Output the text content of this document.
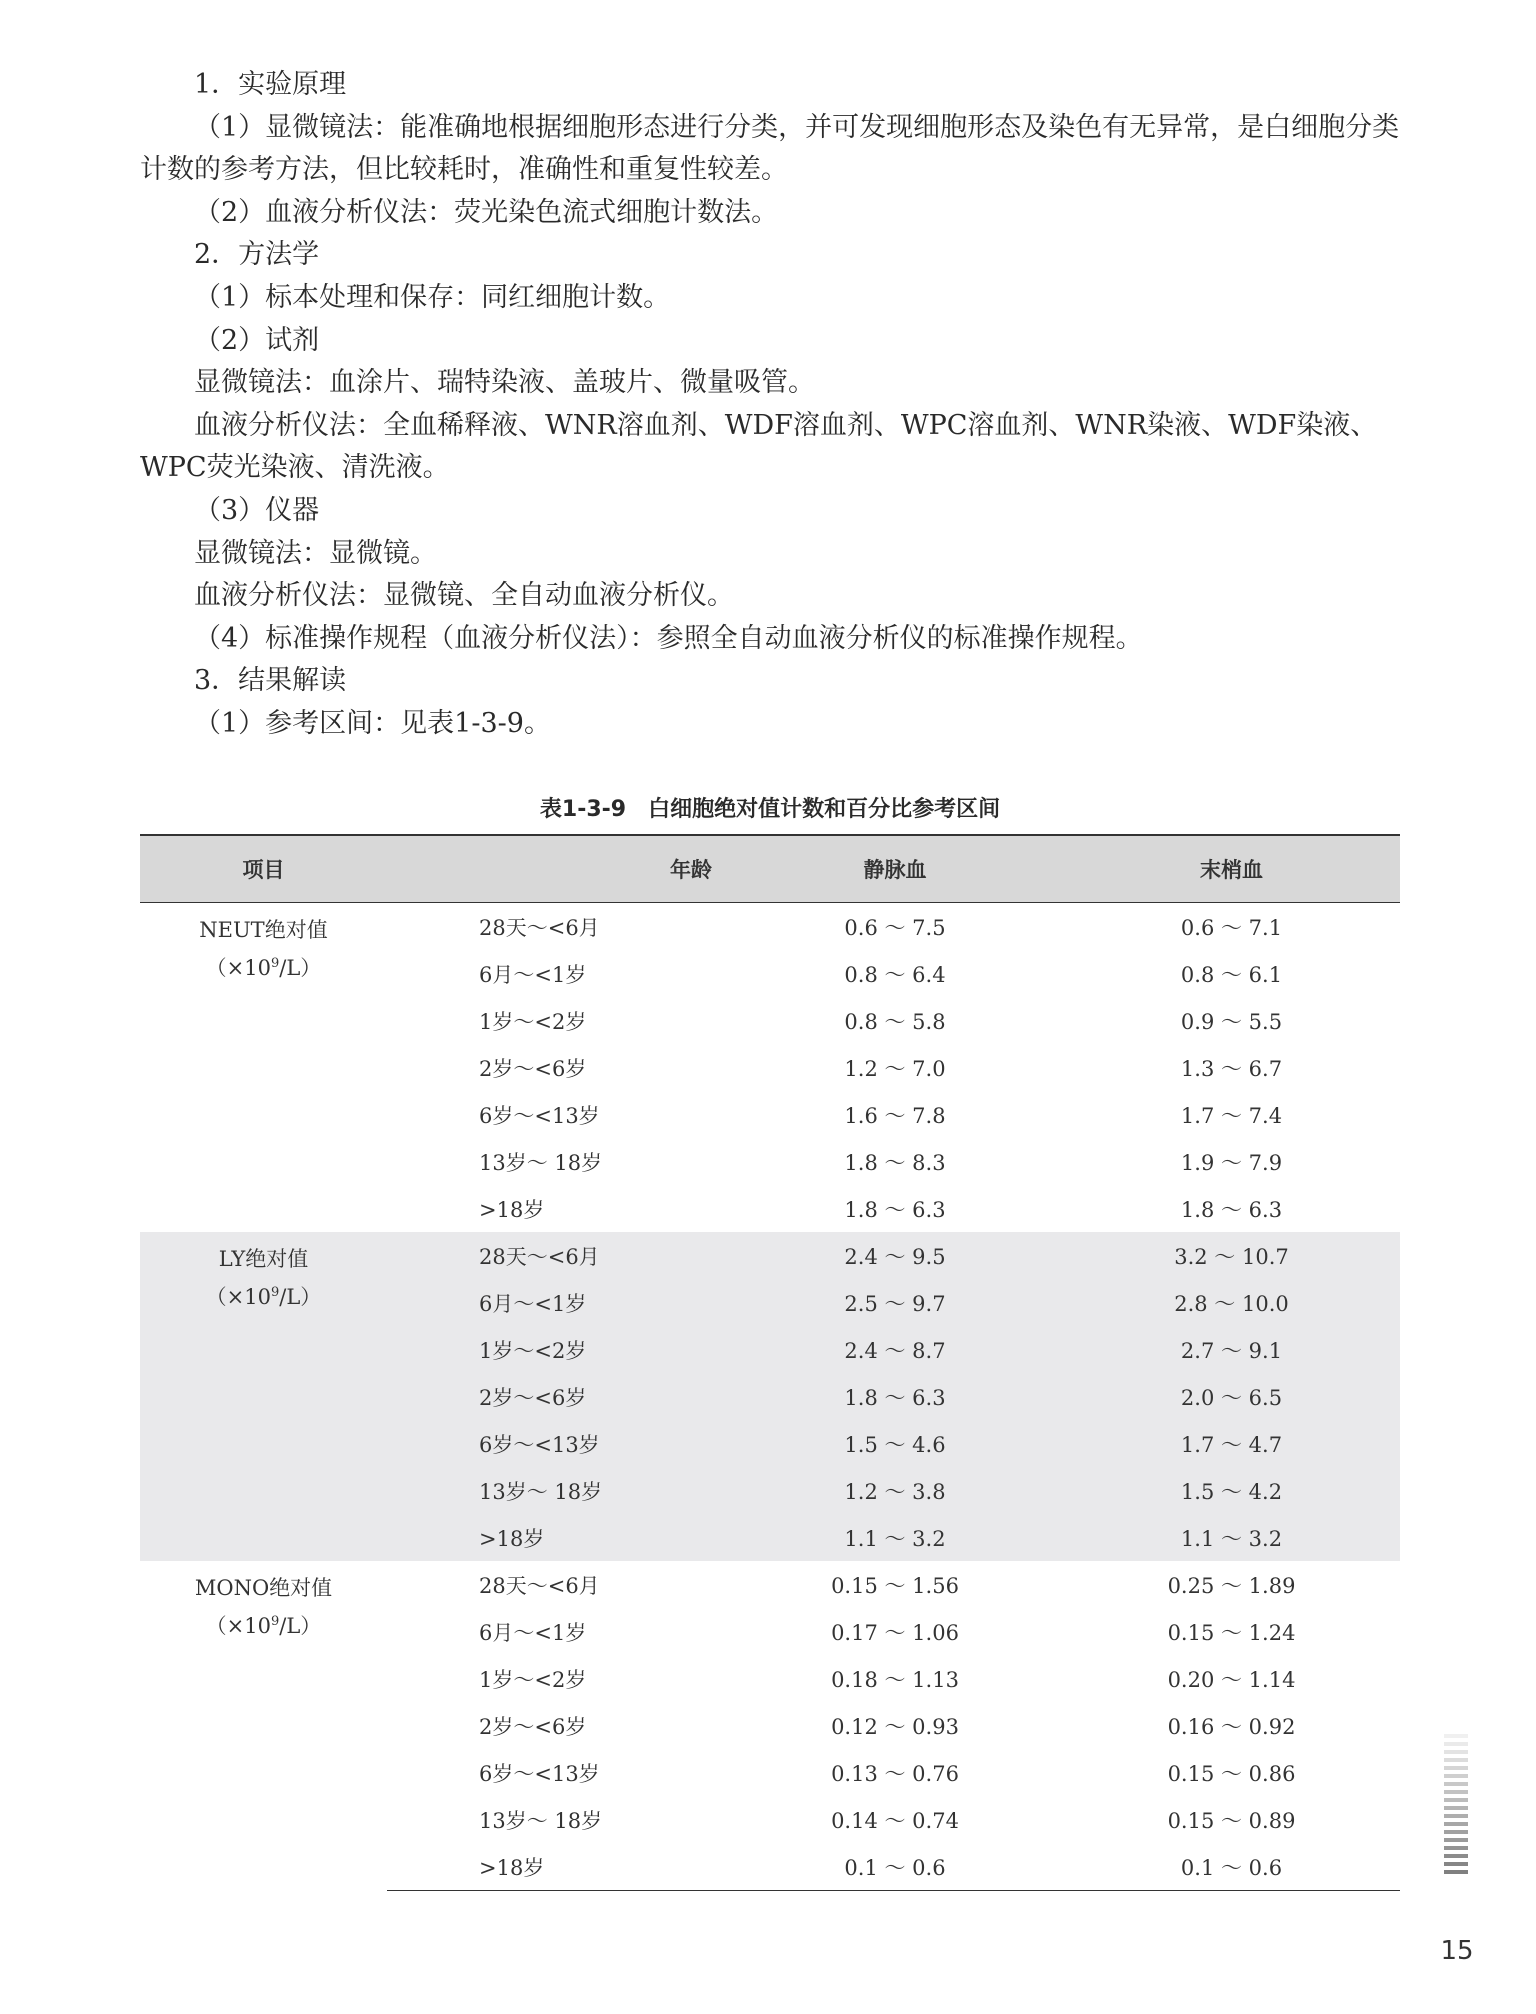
1．实验原理

（1）显微镜法：能准确地根据细胞形态进行分类，并可发现细胞形态及染色有无异常，是白细胞分类计数的参考方法，但比较耗时，准确性和重复性较差。

（2）血液分析仪法：荧光染色流式细胞计数法。

2．方法学

（1）标本处理和保存：同红细胞计数。

（2）试剂

显微镜法：血涂片、瑞特染液、盖玻片、微量吸管。

血液分析仪法：全血稀释液、WNR溶血剂、WDF溶血剂、WPC溶血剂、WNR染液、WDF染液、WPC荧光染液、清洗液。

（3）仪器

显微镜法：显微镜。

血液分析仪法：显微镜、全自动血液分析仪。

（4）标准操作规程（血液分析仪法）：参照全自动血液分析仪的标准操作规程。

3．结果解读

（1）参考区间：见表1-3-9。

表1-3-9　白细胞绝对值计数和百分比参考区间
项目	年龄	静脉血	末梢血

NEUT绝对值
$(\times 10^9/L)$	28天～<6月	0.6 ～ 7.5	0.6 ～ 7.1
	6月～<1岁	0.8 ～ 6.4	0.8 ～ 6.1
	1岁～<2岁	0.8 ～ 5.8	0.9 ～ 5.5
	2岁～<6岁	1.2 ～ 7.0	1.3 ～ 6.7
	6岁～<13岁	1.6 ～ 7.8	1.7 ～ 7.4
	13岁～ 18岁	1.8 ～ 8.3	1.9 ～ 7.9
	>18岁	1.8 ～ 6.3	1.8 ～ 6.3

LY绝对值
$(\times 10^9/L)$	28天～<6月	2.4 ～ 9.5	3.2 ～ 10.7
	6月～<1岁	2.5 ～ 9.7	2.8 ～ 10.0
	1岁～<2岁	2.4 ～ 8.7	2.7 ～ 9.1
	2岁～<6岁	1.8 ～ 6.3	2.0 ～ 6.5
	6岁～<13岁	1.5 ～ 4.6	1.7 ～ 4.7
	13岁～ 18岁	1.2 ～ 3.8	1.5 ～ 4.2
	>18岁	1.1 ～ 3.2	1.1 ～ 3.2

MONO绝对值
$(\times 10^9/L)$	28天～<6月	0.15 ～ 1.56	0.25 ～ 1.89
	6月～<1岁	0.17 ～ 1.06	0.15 ～ 1.24
	1岁～<2岁	0.18 ～ 1.13	0.20 ～ 1.14
	2岁～<6岁	0.12 ～ 0.93	0.16 ～ 0.92
	6岁～<13岁	0.13 ～ 0.76	0.15 ～ 0.86
	13岁～ 18岁	0.14 ～ 0.74	0.15 ～ 0.89
	>18岁	0.1 ～ 0.6	0.1 ～ 0.6
15
